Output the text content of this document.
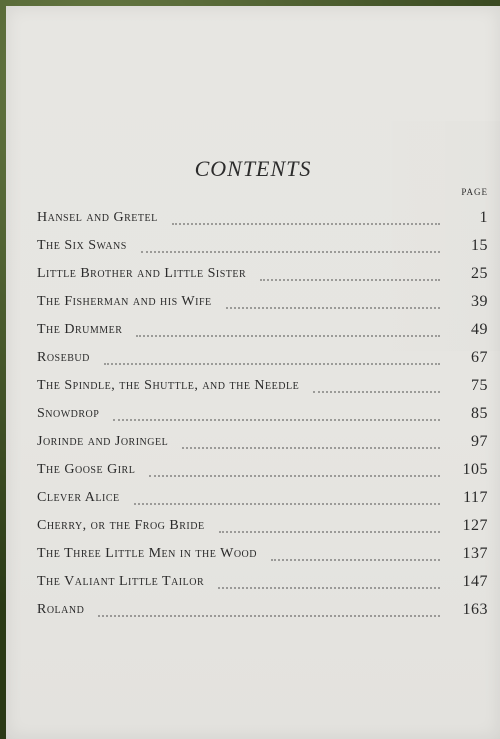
CONTENTS
PAGE
Hansel and Gretel	1
The Six Swans	15
Little Brother and Little Sister	25
The Fisherman and his Wife	39
The Drummer	49
Rosebud	67
The Spindle, the Shuttle, and the Needle	75
Snowdrop	85
Jorinde and Joringel	97
The Goose Girl	105
Clever Alice	117
Cherry, or the Frog Bride	127
The Three Little Men in the Wood	137
The Valiant Little Tailor	147
Roland	163
